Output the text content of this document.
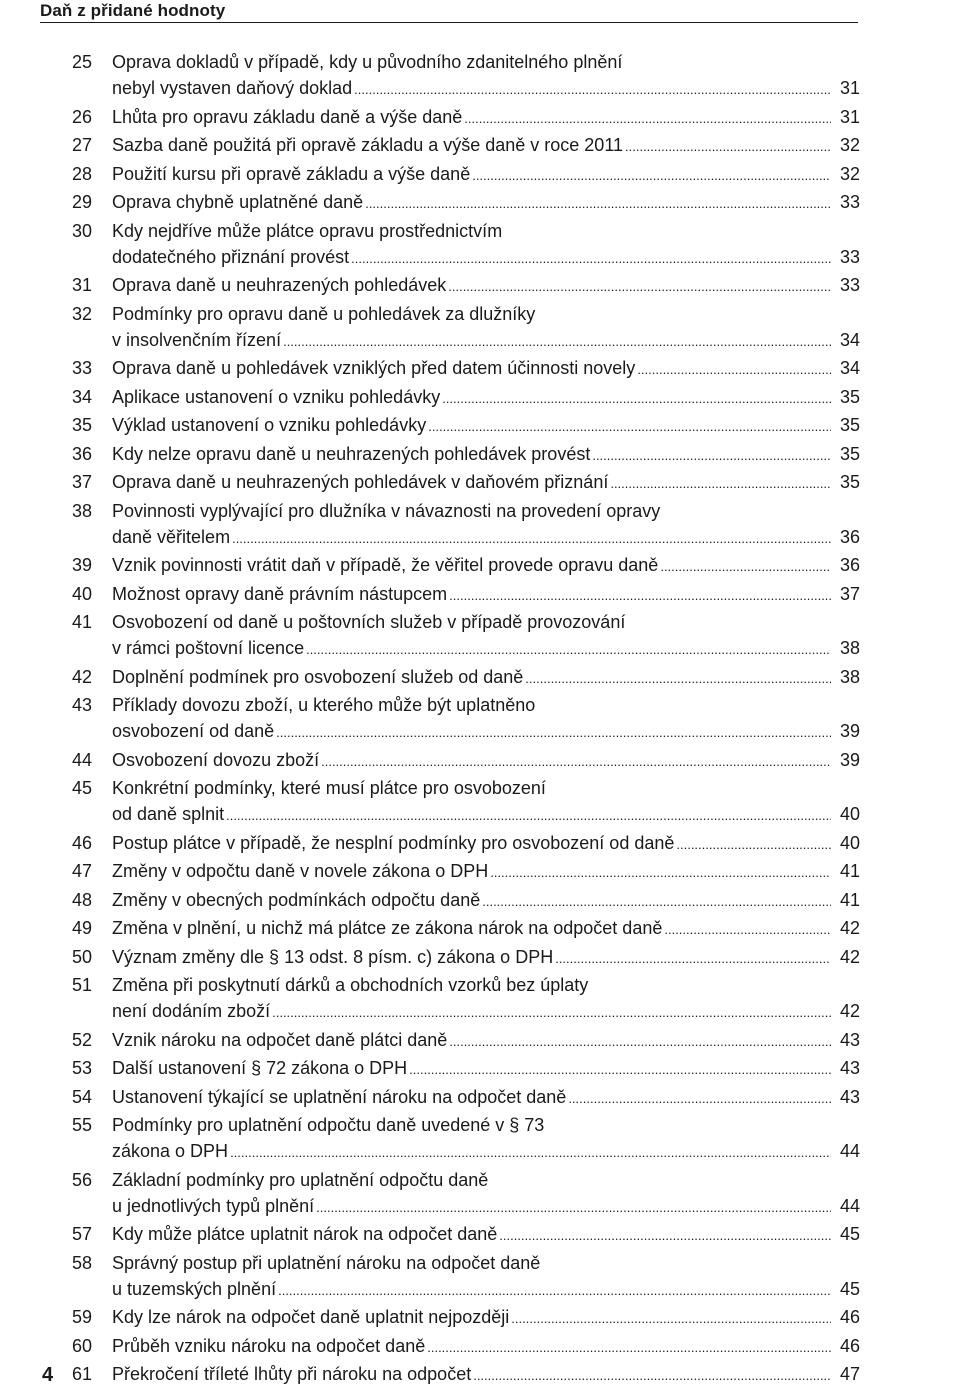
Daň z přidané hodnoty
25	Oprava dokladů v případě, kdy u původního zdanitelného plnění
nebyl vystaven daňový doklad .....	31
26	Lhůta pro opravu základu daně a výše daně .....	31
27	Sazba daně použitá při opravě základu a výše daně v roce 2011 .....	32
28	Použití kursu při opravě základu a výše daně .....	32
29	Oprava chybně uplatněné daně .....	33
30	Kdy nejdříve může plátce opravu prostřednictvím
dodatečného přiznání provést .....	33
31	Oprava daně u neuhrazených pohledávek .....	33
32	Podmínky pro opravu daně u pohledávek za dlužníky
v insolvenčním řízení .....	34
33	Oprava daně u pohledávek vzniklých před datem účinnosti novely .....	34
34	Aplikace ustanovení o vzniku pohledávky .....	35
35	Výklad ustanovení o vzniku pohledávky .....	35
36	Kdy nelze opravu daně u neuhrazených pohledávek provést .....	35
37	Oprava daně u neuhrazených pohledávek v daňovém přiznání .....	35
38	Povinnosti vyplývající pro dlužníka v návaznosti na provedení opravy
daně věřitelem .....	36
39	Vznik povinnosti vrátit daň v případě, že věřitel provede opravu daně .....	36
40	Možnost opravy daně právním nástupcem .....	37
41	Osvobození od daně u poštovních služeb v případě provozování
v rámci poštovní licence .....	38
42	Doplnění podmínek pro osvobození služeb od daně .....	38
43	Příklady dovozu zboží, u kterého může být uplatněno
osvobození od daně .....	39
44	Osvobození dovozu zboží .....	39
45	Konkrétní podmínky, které musí plátce pro osvobození
od daně splnit .....	40
46	Postup plátce v případě, že nesplní podmínky pro osvobození od daně .....	40
47	Změny v odpočtu daně v novele zákona o DPH .....	41
48	Změny v obecných podmínkách odpočtu daně .....	41
49	Změna v plnění, u nichž má plátce ze zákona nárok na odpočet daně .....	42
50	Význam změny dle § 13 odst. 8 písm. c) zákona o DPH .....	42
51	Změna při poskytnutí dárků a obchodních vzorků bez úplaty
není dodáním zboží .....	42
52	Vznik nároku na odpočet daně plátci daně .....	43
53	Další ustanovení § 72 zákona o DPH .....	43
54	Ustanovení týkající se uplatnění nároku na odpočet daně .....	43
55	Podmínky pro uplatnění odpočtu daně uvedené v § 73
zákona o DPH .....	44
56	Základní podmínky pro uplatnění odpočtu daně
u jednotlivých typů plnění .....	44
57	Kdy může plátce uplatnit nárok na odpočet daně .....	45
58	Správný postup při uplatnění nároku na odpočet daně
u tuzemských plnění .....	45
59	Kdy lze nárok na odpočet daně uplatnit nejpozději .....	46
60	Průběh vzniku nároku na odpočet daně .....	46
61	Překročení tříleté lhůty při nároku na odpočet .....	47
4
